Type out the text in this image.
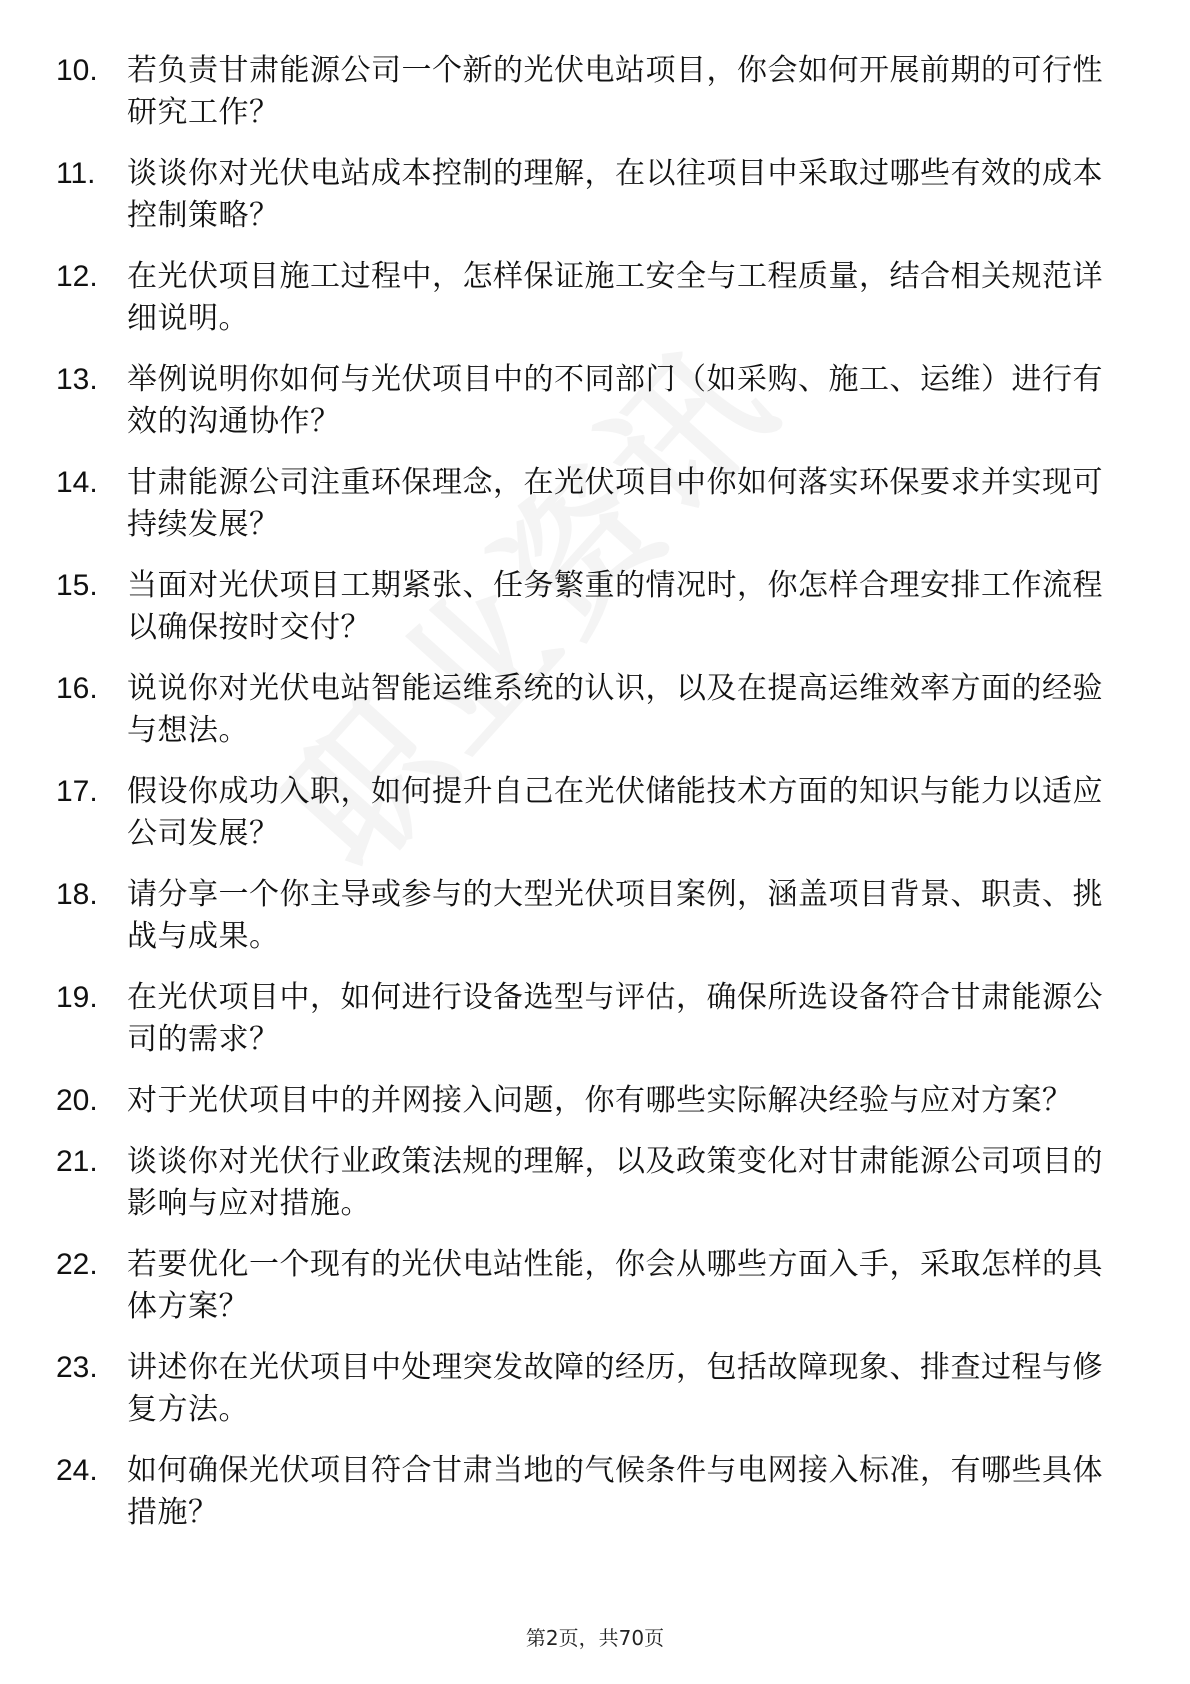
10. 若负责甘肃能源公司一个新的光伏电站项目，你会如何开展前期的可行性研究工作？
11. 谈谈你对光伏电站成本控制的理解，在以往项目中采取过哪些有效的成本控制策略？
12. 在光伏项目施工过程中，怎样保证施工安全与工程质量，结合相关规范详细说明。
13. 举例说明你如何与光伏项目中的不同部门（如采购、施工、运维）进行有效的沟通协作？
14. 甘肃能源公司注重环保理念，在光伏项目中你如何落实环保要求并实现可持续发展？
15. 当面对光伏项目工期紧张、任务繁重的情况时，你怎样合理安排工作流程以确保按时交付？
16. 说说你对光伏电站智能运维系统的认识，以及在提高运维效率方面的经验与想法。
17. 假设你成功入职，如何提升自己在光伏储能技术方面的知识与能力以适应公司发展？
18. 请分享一个你主导或参与的大型光伏项目案例，涵盖项目背景、职责、挑战与成果。
19. 在光伏项目中，如何进行设备选型与评估，确保所选设备符合甘肃能源公司的需求？
20. 对于光伏项目中的并网接入问题，你有哪些实际解决经验与应对方案？
21. 谈谈你对光伏行业政策法规的理解，以及政策变化对甘肃能源公司项目的影响与应对措施。
22. 若要优化一个现有的光伏电站性能，你会从哪些方面入手，采取怎样的具体方案？
23. 讲述你在光伏项目中处理突发故障的经历，包括故障现象、排查过程与修复方法。
24. 如何确保光伏项目符合甘肃当地的气候条件与电网接入标准，有哪些具体措施？
第2页，共70页
